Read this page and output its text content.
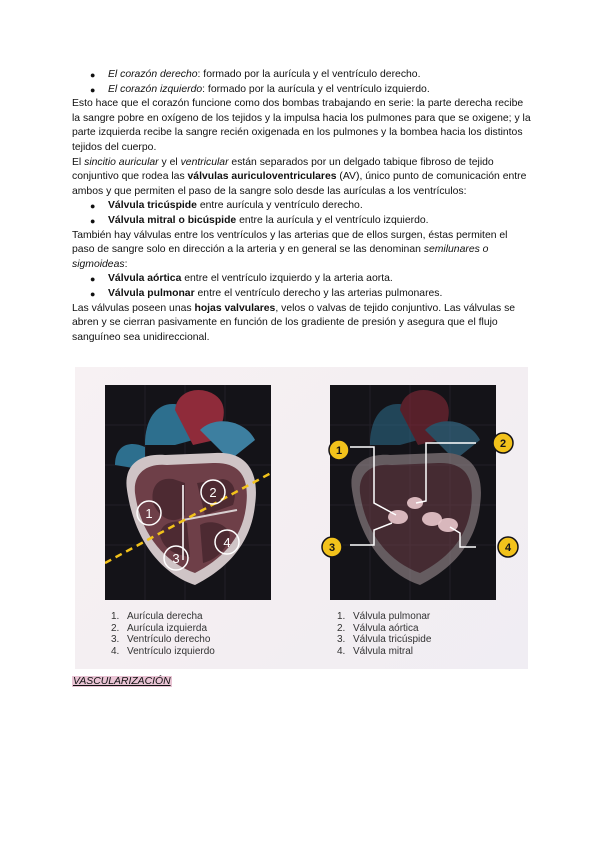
●	El corazón derecho: formado por la aurícula y el ventrículo derecho.
●	El corazón izquierdo: formado por la aurícula y el ventrículo izquierdo.

Esto hace que el corazón funcione como dos bombas trabajando en serie: la parte derecha recibe la sangre pobre en oxígeno de los tejidos y la impulsa hacia los pulmones para que se oxigene; y la parte izquierda recibe la sangre recién oxigenada en los pulmones y la bombea hacia los distintos tejidos del cuerpo.

El sincitio auricular y el ventricular están separados por un delgado tabique fibroso de tejido conjuntivo que rodea las válvulas auriculoventriculares (AV), único punto de comunicación entre ambos y que permiten el paso de la sangre solo desde las aurículas a los ventrículos:

●	Válvula tricúspide entre aurícula y ventrículo derecho.
●	Válvula mitral o bicúspide entre la aurícula y el ventrículo izquierdo.

También hay válvulas entre los ventrículos y las arterias que de ellos surgen, éstas permiten el paso de sangre solo en dirección a la arteria y en general se las denominan semilunares o sigmoideas:

●	Válvula aórtica entre el ventrículo izquierdo y la arteria aorta.
●	Válvula pulmonar entre el ventrículo derecho y las arterias pulmonares.

Las válvulas poseen unas hojas valvulares, velos o valvas de tejido conjuntivo. Las válvulas se abren y se cierran pasivamente en función de los gradiente de presión y asegura que el flujo sanguíneo sea unidireccional.

1
2
3
4
1
2
3	4
1. Aurícula derecha
2. Aurícula izquierda
3. Ventrículo derecho
4. Ventrículo izquierdo
1. Válvula pulmonar
2. Válvula aórtica
3. Válvula tricúspide
4. Válvula mitral
VASCULARIZACIÓN
